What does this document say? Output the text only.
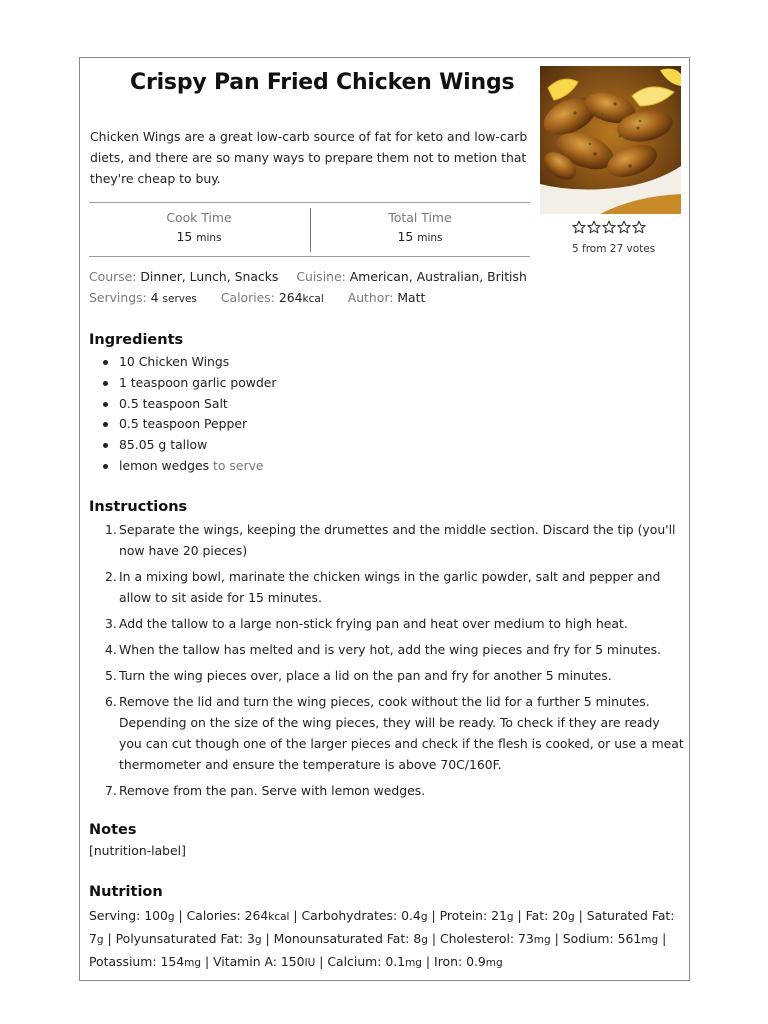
Crispy Pan Fried Chicken Wings

Chicken Wings are a great low-carb source of fat for keto and low-carb diets, and there are so many ways to prepare them not to metion that they're cheap to buy.

Cook Time
15 mins
Total Time
15 mins
5 from 27 votes
Course: Dinner, Lunch, Snacks Cuisine: American, Australian, British
Servings: 4 serves Calories: 264kcal Author: Matt
Ingredients
10 Chicken Wings
1 teaspoon garlic powder
0.5 teaspoon Salt
0.5 teaspoon Pepper
85.05 g tallow
lemon wedges to serve
Instructions
1. Separate the wings, keeping the drumettes and the middle section. Discard the tip (you'll now have 20 pieces)
2. In a mixing bowl, marinate the chicken wings in the garlic powder, salt and pepper and allow to sit aside for 15 minutes.
3. Add the tallow to a large non-stick frying pan and heat over medium to high heat.
4. When the tallow has melted and is very hot, add the wing pieces and fry for 5 minutes.
5. Turn the wing pieces over, place a lid on the pan and fry for another 5 minutes.
6. Remove the lid and turn the wing pieces, cook without the lid for a further 5 minutes. Depending on the size of the wing pieces, they will be ready. To check if they are ready you can cut though one of the larger pieces and check if the flesh is cooked, or use a meat thermometer and ensure the temperature is above 70C/160F.
7. Remove from the pan. Serve with lemon wedges.
Notes
[nutrition-label]
Nutrition

Serving: 100g | Calories: 264kcal | Carbohydrates: 0.4g | Protein: 21g | Fat: 20g | Saturated Fat: 7g | Polyunsaturated Fat: 3g | Monounsaturated Fat: 8g | Cholesterol: 73mg | Sodium: 561mg | Potassium: 154mg | Vitamin A: 150IU | Calcium: 0.1mg | Iron: 0.9mg
